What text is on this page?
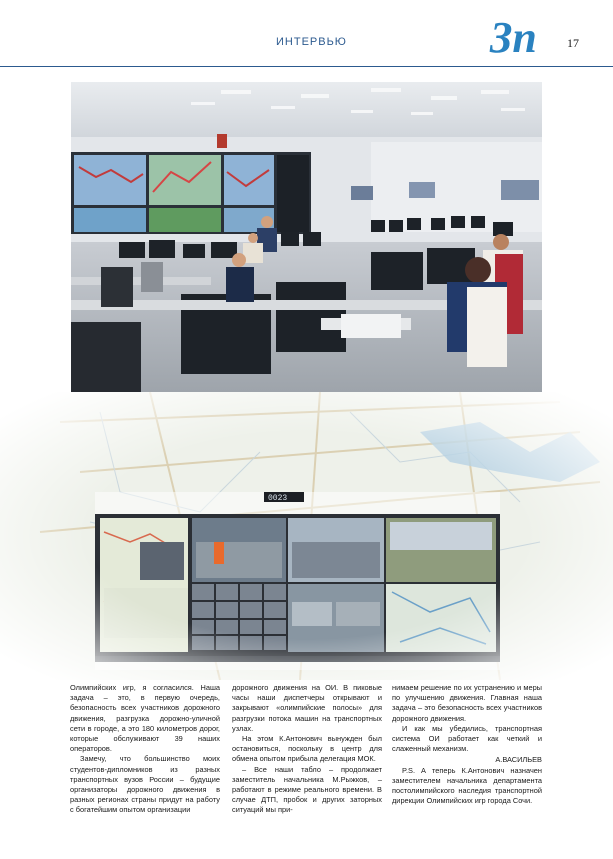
ИНТЕРВЬЮ	Зп	17

Олимпийских игр, я согласился. Наша задача – это, в первую очередь, безопасность всех участников дорожного движения, разгрузка дорожно-уличной сети в городе, а это 180 километров дорог, которые обслуживают 39 наших операторов.

Замечу, что большинство моих студентов-дипломников из разных транспортных вузов России – будущие организаторы дорожного движения в разных регионах страны придут на работу с богатейшим опытом организации

дорожного движения на ОИ. В пиковые часы наши диспетчеры открывают и закрывают «олимпийские полосы» для разгрузки потока машин на транспортных узлах.

На этом К.Антонович вынужден был остановиться, поскольку в центр для обмена опытом прибыла делегация МОК.

– Все наши табло – продолжает заместитель начальника М.Рыжков, – работают в режиме реального времени. В случае ДТП, пробок и других заторных ситуаций мы при-

нимаем решение по их устранению и меры по улучшению движения. Главная наша задача – это безопасность всех участников дорожного движения.

И как мы убедились, транспортная система ОИ работает как четкий и слаженный механизм.

А.ВАСИЛЬЕВ

P.S. А теперь К.Антонович назначен заместителем начальника департамента постолимпийского наследия транспортной дирекции Олимпийских игр города Сочи.
